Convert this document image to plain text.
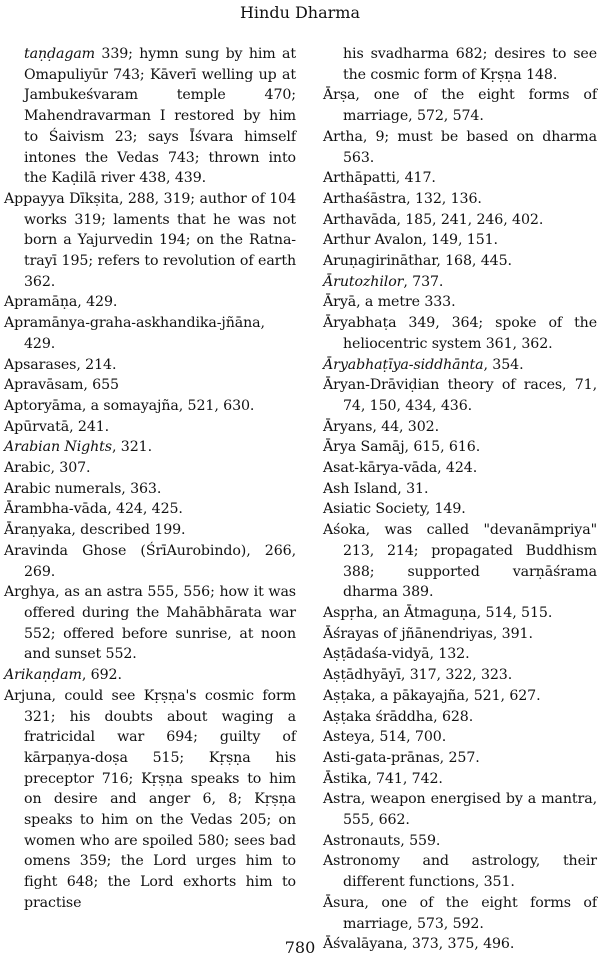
Hindu Dharma

taṇḍagam 339; hymn sung by him at Omapuliyūr 743; Kāverī welling up at Jambukeśvaram temple 470; Mahendravarman I restored by him to Śaivism 23; says Īśvara himself intones the Vedas 743; thrown into the Kaḍilā river 438, 439.

Appayya Dīkṣita, 288, 319; author of 104 works 319; laments that he was not born a Yajurvedin 194; on the Ratna-trayī 195; refers to revolution of earth 362.

Apramāṇa, 429.

Apramānya-graha-askhandika-jñāna, 429.

Apsarases, 214.

Apravāsam, 655

Aptoryāma, a somayajña, 521, 630.

Apūrvatā, 241.

Arabian Nights, 321.

Arabic, 307.

Arabic numerals, 363.

Ārambha-vāda, 424, 425.

Āraṇyaka, described 199.

Aravinda Ghose (ŚrīAurobindo), 266, 269.

Arghya, as an astra 555, 556; how it was offered during the Mahābhārata war 552; offered before sunrise, at noon and sunset 552.

Arikaṇḍam, 692.

Arjuna, could see Kṛṣṇa's cosmic form 321; his doubts about waging a fratricidal war 694; guilty of kārpaṇya-doṣa 515; Kṛṣṇa his preceptor 716; Kṛṣṇa speaks to him on desire and anger 6, 8; Kṛṣṇa speaks to him on the Vedas 205; on women who are spoiled 580; sees bad omens 359; the Lord urges him to fight 648; the Lord exhorts him to practise

his svadharma 682; desires to see the cosmic form of Kṛṣṇa 148.

Ārṣa, one of the eight forms of marriage, 572, 574.

Artha, 9; must be based on dharma 563.

Arthāpatti, 417.

Arthaśāstra, 132, 136.

Arthavāda, 185, 241, 246, 402.

Arthur Avalon, 149, 151.

Aruṇagirināthar, 168, 445.

Ārutozhilor, 737.

Āryā, a metre 333.

Āryabhaṭa 349, 364; spoke of the heliocentric system 361, 362.

Āryabhaṭīya-siddhānta, 354.

Āryan-Drāviḍian theory of races, 71, 74, 150, 434, 436.

Āryans, 44, 302.

Ārya Samāj, 615, 616.

Asat-kārya-vāda, 424.

Ash Island, 31.

Asiatic Society, 149.

Aśoka, was called "devanāmpriya" 213, 214; propagated Buddhism 388; supported varṇāśrama dharma 389.

Aspṛha, an Ātmaguṇa, 514, 515.

Āśrayas of jñānendriyas, 391.

Aṣṭādaśa-vidyā, 132.

Aṣṭādhyāyī, 317, 322, 323.

Aṣṭaka, a pākayajña, 521, 627.

Aṣṭaka śrāddha, 628.

Asteya, 514, 700.

Asti-gata-prānas, 257.

Āstika, 741, 742.

Astra, weapon energised by a mantra, 555, 662.

Astronauts, 559.

Astronomy and astrology, their different functions, 351.

Āsura, one of the eight forms of marriage, 573, 592.

Āśvalāyana, 373, 375, 496.

780
